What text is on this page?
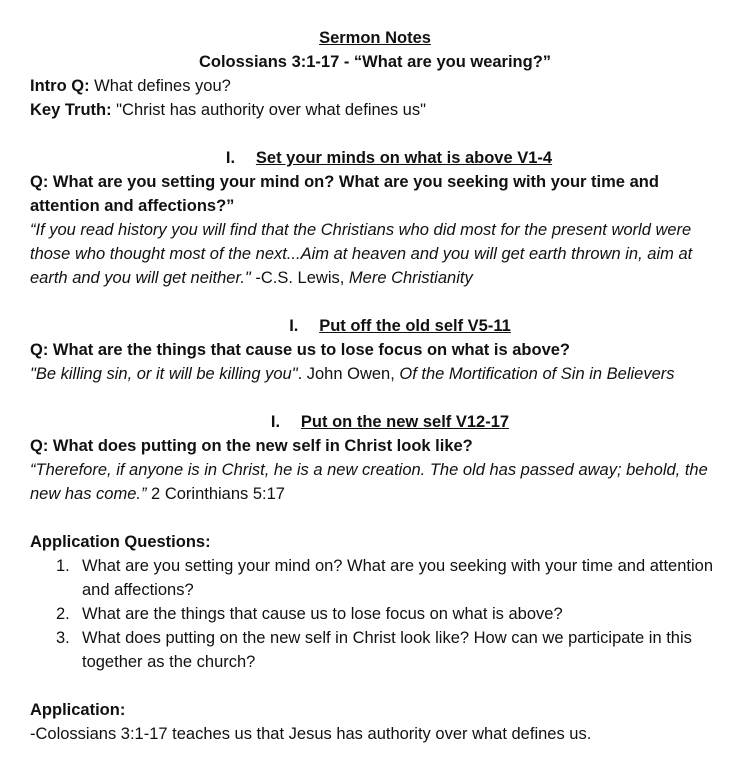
Sermon Notes
Colossians 3:1-17 - “What are you wearing?”
Intro Q: What defines you?
Key Truth: "Christ has authority over what defines us"
I. Set your minds on what is above V1-4
Q: What are you setting your mind on? What are you seeking with your time and attention and affections?”
“If you read history you will find that the Christians who did most for the present world were those who thought most of the next...Aim at heaven and you will get earth thrown in, aim at earth and you will get neither." -C.S. Lewis, Mere Christianity
I. Put off the old self V5-11
Q: What are the things that cause us to lose focus on what is above?
"Be killing sin, or it will be killing you". John Owen, Of the Mortification of Sin in Believers
I. Put on the new self V12-17
Q: What does putting on the new self in Christ look like?
“Therefore, if anyone is in Christ, he is a new creation. The old has passed away; behold, the new has come.” 2 Corinthians 5:17
Application Questions:
1. What are you setting your mind on? What are you seeking with your time and attention and affections?
2. What are the things that cause us to lose focus on what is above?
3. What does putting on the new self in Christ look like? How can we participate in this together as the church?
Application:
-Colossians 3:1-17 teaches us that Jesus has authority over what defines us.
